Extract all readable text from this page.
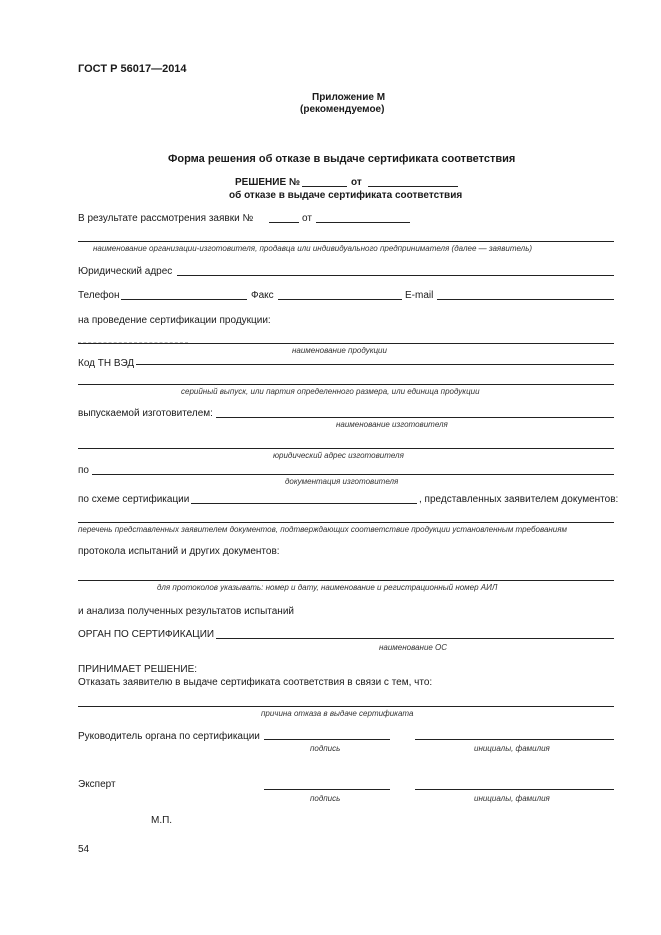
ГОСТ Р 56017—2014
Приложение М
(рекомендуемое)
Форма решения об отказе в выдаче сертификата соответствия
РЕШЕНИЕ №	от
об отказе в выдаче сертификата соответствия
В результате рассмотрения заявки №	от
наименование организации-изготовителя, продавца или индивидуального предпринимателя (далее — заявитель)
Юридический адрес
Телефон	Факс	E-mail
на проведение сертификации продукции:
наименование продукции
Код ТН ВЭД
серийный выпуск, или партия определенного размера, или единица продукции
выпускаемой изготовителем:
наименование изготовителя
юридический адрес изготовителя
по
документация изготовителя
по схеме сертификации	, представленных заявителем документов:
перечень представленных заявителем документов, подтверждающих соответствие продукции установленным требованиям
протокола испытаний и других документов:
для протоколов указывать: номер и дату, наименование и регистрационный номер АИЛ
и анализа полученных результатов испытаний
ОРГАН ПО СЕРТИФИКАЦИИ
наименование ОС
ПРИНИМАЕТ РЕШЕНИЕ:
Отказать заявителю в выдаче сертификата соответствия в связи с тем, что:
причина отказа в выдаче сертификата
Руководитель органа по сертификации
подпись	инициалы, фамилия
Эксперт
подпись	инициалы, фамилия
М.П.
54
